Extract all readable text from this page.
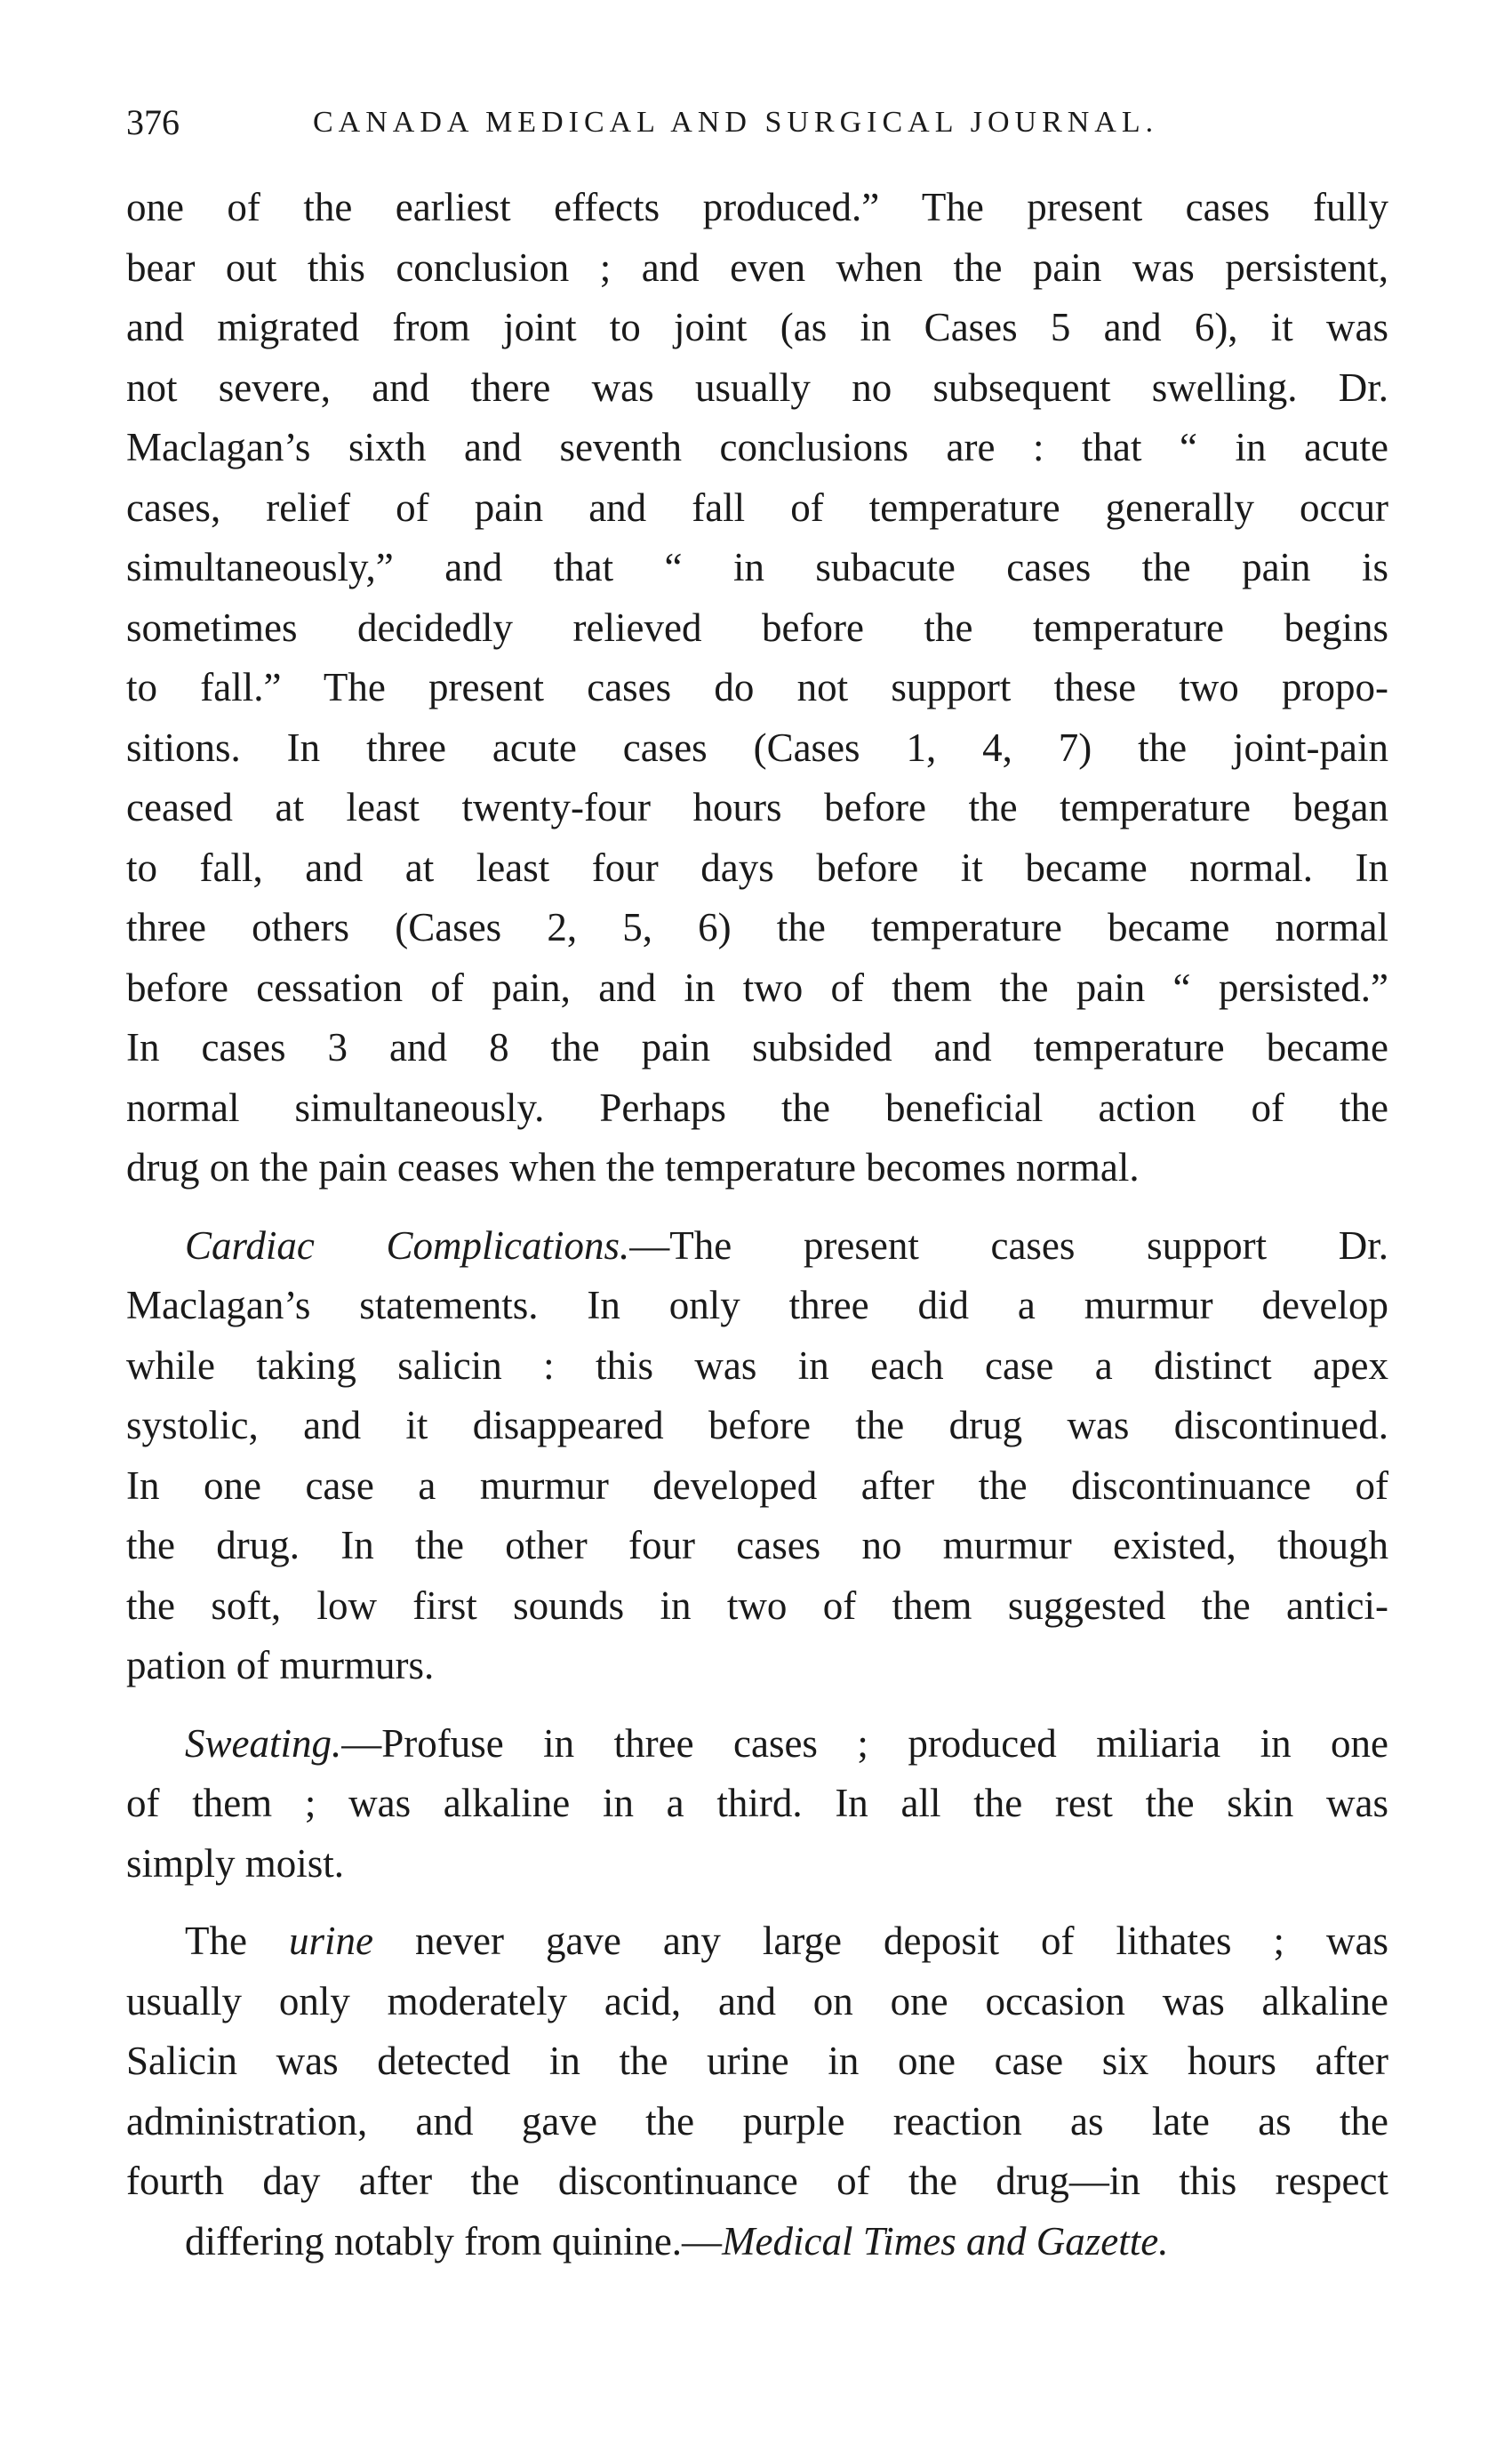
376	CANADA MEDICAL AND SURGICAL JOURNAL.
one of the earliest effects produced.” The present cases fully
bear out this conclusion ; and even when the pain was persistent,
and migrated from joint to joint (as in Cases 5 and 6), it was
not severe, and there was usually no subsequent swelling. Dr.
Maclagan’s sixth and seventh conclusions are : that “ in acute
cases, relief of pain and fall of temperature generally occur
simultaneously,” and that “ in subacute cases the pain is
sometimes decidedly relieved before the temperature begins
to fall.” The present cases do not support these two propo-
sitions. In three acute cases (Cases 1, 4, 7) the joint-pain
ceased at least twenty-four hours before the temperature began
to fall, and at least four days before it became normal. In
three others (Cases 2, 5, 6) the temperature became normal
before cessation of pain, and in two of them the pain “ persisted.”
In cases 3 and 8 the pain subsided and temperature became
normal simultaneously. Perhaps the beneficial action of the
drug on the pain ceases when the temperature becomes normal.
Cardiac Complications.—The present cases support Dr.
Maclagan’s statements. In only three did a murmur develop
while taking salicin : this was in each case a distinct apex
systolic, and it disappeared before the drug was discontinued.
In one case a murmur developed after the discontinuance of
the drug. In the other four cases no murmur existed, though
the soft, low first sounds in two of them suggested the antici-
pation of murmurs.
Sweating.—Profuse in three cases ; produced miliaria in one
of them ; was alkaline in a third. In all the rest the skin was
simply moist.
The urine never gave any large deposit of lithates ; was
usually only moderately acid, and on one occasion was alkaline
Salicin was detected in the urine in one case six hours after
administration, and gave the purple reaction as late as the
fourth day after the discontinuance of the drug—in this respect
differing notably from quinine.—Medical Times and Gazette.
